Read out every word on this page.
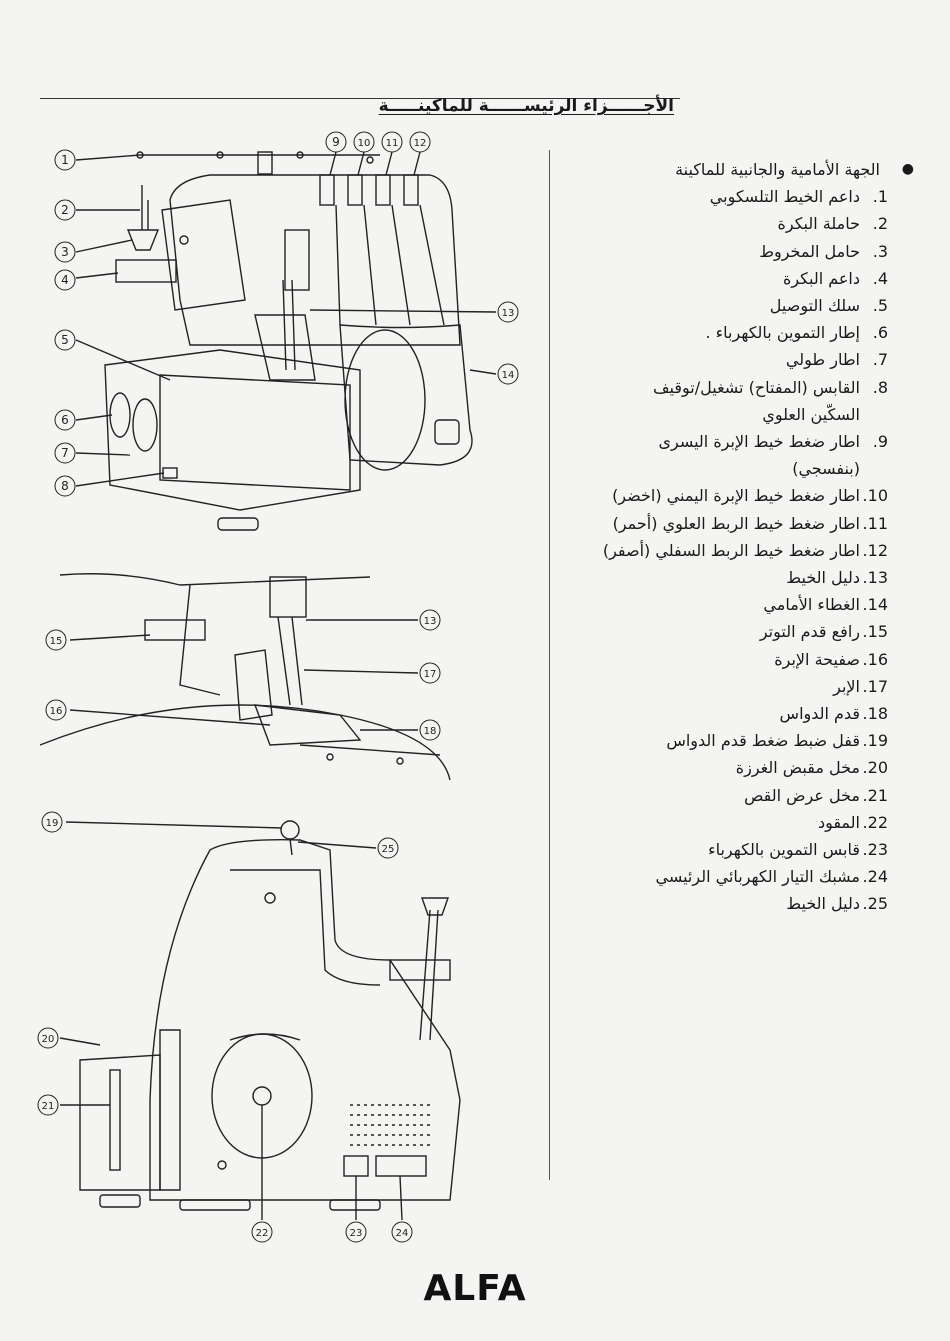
الأجــــــزاء الرئيســــــة للماكينـــــة
●
الجهة الأمامية والجانبية للماكينة
1.
داعم الخيط التلسكوبي
2.
حاملة البكرة
3.
حامل المخروط
4.
داعم البكرة
5.
سلك التوصيل
6.
إطار التموين بالكهرباء .
7.
اطار طولي
8.
القابس (المفتاح) تشغيل/توقيف
السكّين العلوي
9.
اطار ضغط خيط الإبرة اليسرى
(بنفسجي)
10.
اطار ضغط خيط الإبرة اليمني (اخضر)
11.
اطار ضغط خيط الربط العلوي (أحمر)
12.
اطار ضغط خيط الربط السفلي (أصفر)
13.
دليل الخيط
14.
الغطاء الأمامي
15.
رافع قدم التوتر
16.
صفيحة الإبرة
17.
الإبر
18.
قدم الدواس
19.
قفل ضبط ضغط قدم الدواس
20.
مخل مقبض الغرزة
21.
مخل عرض القص
22.
المقود
23.
قابس التموين بالكهرباء
24.
مشبك التيار الكهربائي الرئيسي
25.
دليل الخيط
1
2
3
4
5
6
7
8
9 10 11 12
13
14
15
16
13
17
18
19
25
20
21
22	23	24
ALFA
